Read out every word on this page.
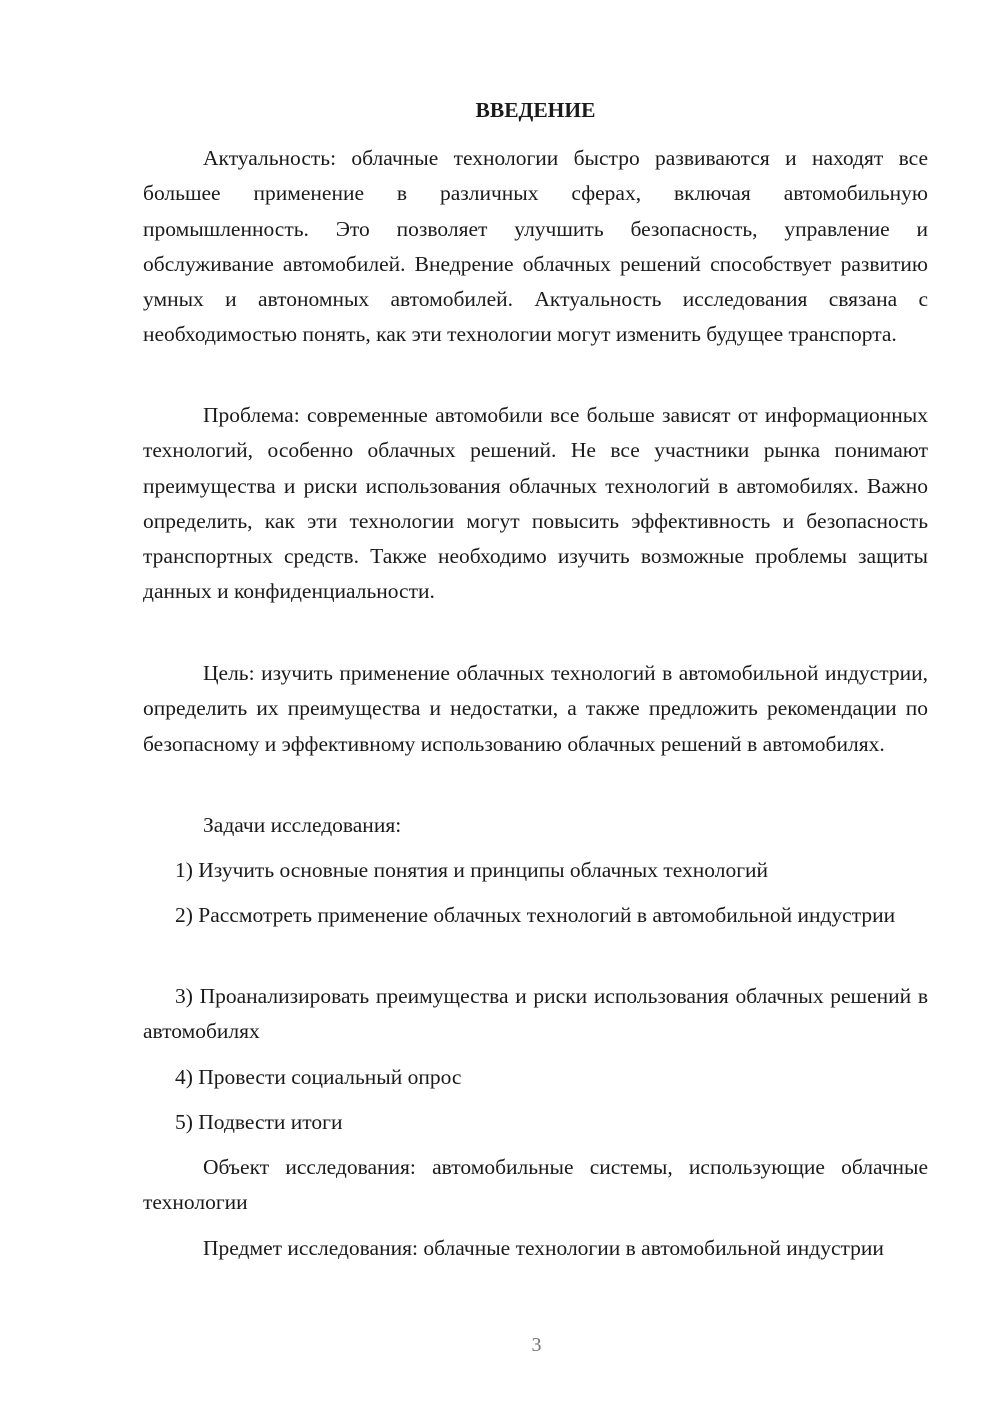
ВВЕДЕНИЕ

Актуальность: облачные технологии быстро развиваются и находят все большее применение в различных сферах, включая автомобильную промышленность. Это позволяет улучшить безопасность, управление и обслуживание автомобилей. Внедрение облачных решений способствует развитию умных и автономных автомобилей. Актуальность исследования связана с необходимостью понять, как эти технологии могут изменить будущее транспорта.

Проблема: современные автомобили все больше зависят от информационных технологий, особенно облачных решений. Не все участники рынка понимают преимущества и риски использования облачных технологий в автомобилях. Важно определить, как эти технологии могут повысить эффективность и безопасность транспортных средств. Также необходимо изучить возможные проблемы защиты данных и конфиденциальности.

Цель: изучить применение облачных технологий в автомобильной индустрии, определить их преимущества и недостатки, а также предложить рекомендации по безопасному и эффективному использованию облачных решений в автомобилях.

Задачи исследования:

1) Изучить основные понятия и принципы облачных технологий

2) Рассмотреть применение облачных технологий в автомобильной индустрии

3) Проанализировать преимущества и риски использования облачных решений в автомобилях

4) Провести социальный опрос

5) Подвести итоги

Объект исследования: автомобильные системы, использующие облачные технологии

Предмет исследования: облачные технологии в автомобильной индустрии

3
